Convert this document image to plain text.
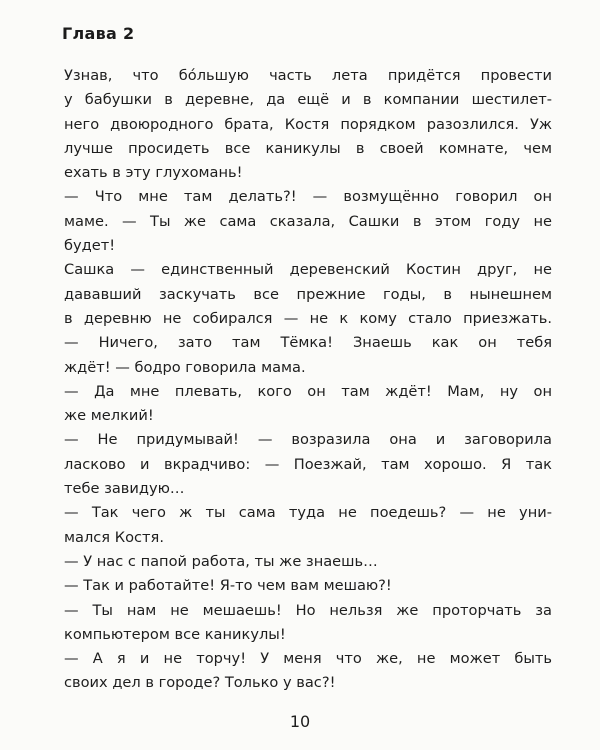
Глава 2
Узнав, что бо́льшую часть лета придётся провести
у бабушки в деревне, да ещё и в компании шестилет-
него двоюродного брата, Костя порядком разозлился. Уж
лучше просидеть все каникулы в своей комнате, чем
ехать в эту глухомань!
— Что мне там делать?! — возмущённо говорил он
маме. — Ты же сама сказала, Сашки в этом году не
будет!
Сашка — единственный деревенский Костин друг, не
дававший заскучать все прежние годы, в нынешнем
в деревню не собирался — не к кому стало приезжать.
— Ничего, зато там Тёмка! Знаешь как он тебя
ждёт! — бодро говорила мама.
— Да мне плевать, кого он там ждёт! Мам, ну он
же мелкий!
— Не придумывай! — возразила она и заговорила
ласково и вкрадчиво: — Поезжай, там хорошо. Я так
тебе завидую…
— Так чего ж ты сама туда не поедешь? — не уни-
мался Костя.
— У нас с папой работа, ты же знаешь…
— Так и работайте! Я-то чем вам мешаю?!
— Ты нам не мешаешь! Но нельзя же проторчать за
компьютером все каникулы!
— А я и не торчу! У меня что же, не может быть
своих дел в городе? Только у вас?!
10
